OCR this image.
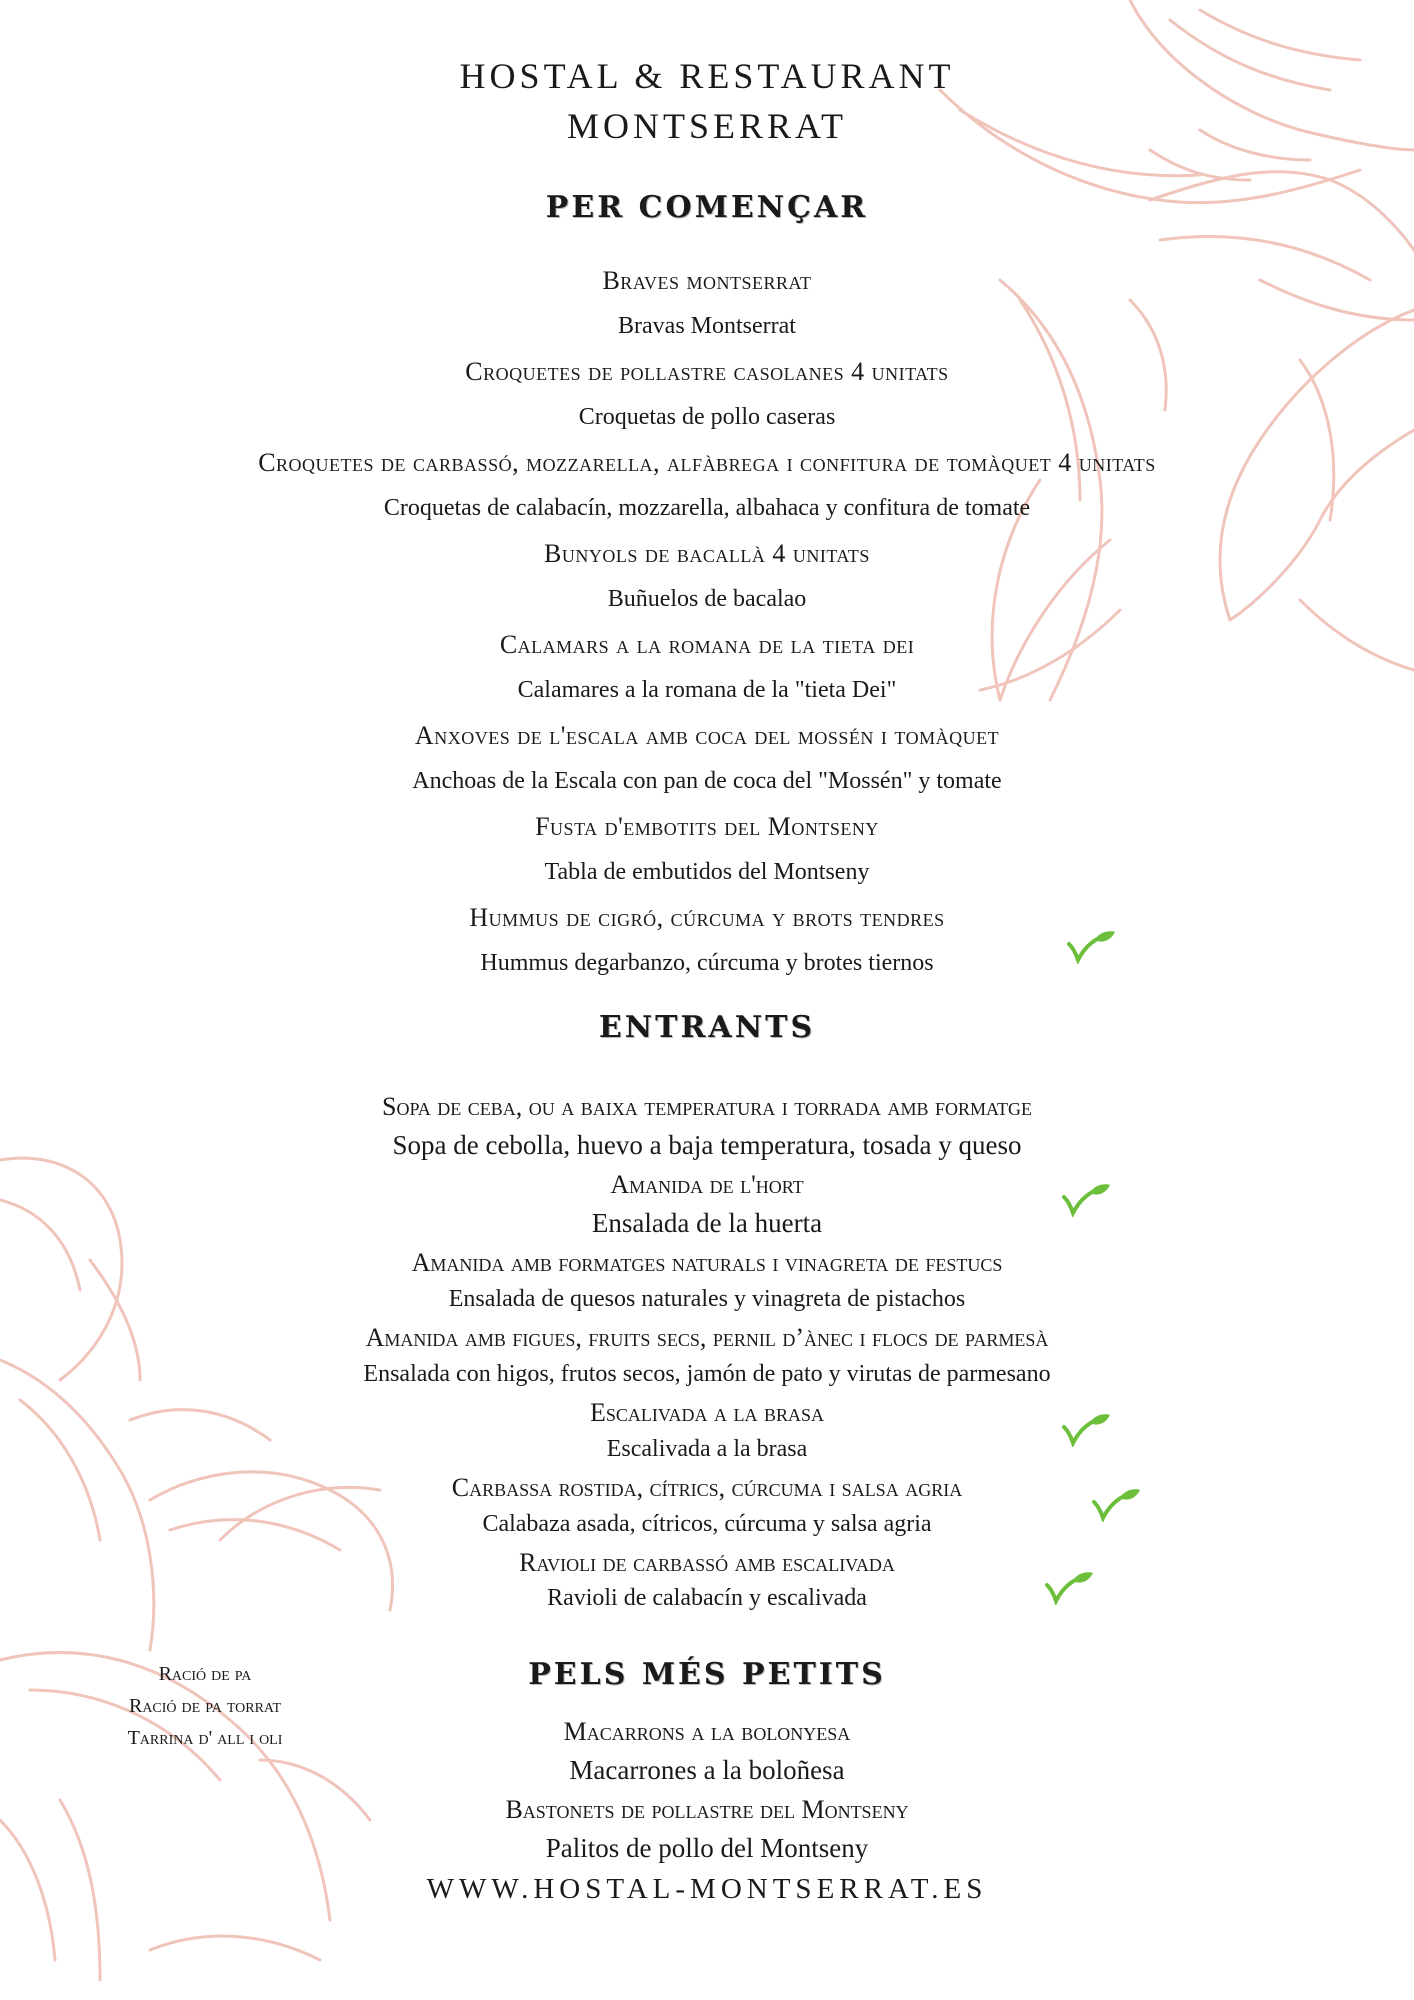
HOSTAL & RESTAURANT
MONTSERRAT
PER COMENÇAR
Braves montserrat
Bravas Montserrat
Croquetes de pollastre casolanes 4 unitats
Croquetas de pollo caseras
Croquetes de carbassó, mozzarella, alfàbrega i confitura de tomàquet 4 unitats
Croquetas de calabacín, mozzarella, albahaca y confitura de tomate
Bunyols de bacallà 4 unitats
Buñuelos de bacalao
Calamars a la romana de la tieta dei
Calamares a la romana de la "tieta Dei"
Anxoves de l'escala amb coca del mossén i tomàquet
Anchoas de la Escala con pan de coca del "Mossén" y tomate
Fusta d'embotits del Montseny
Tabla de embutidos del Montseny
Hummus de cigró, cúrcuma y brots tendres
Hummus degarbanzo, cúrcuma y brotes tiernos
ENTRANTS
Sopa de ceba, ou a baixa temperatura i torrada amb formatge
Sopa de cebolla, huevo a baja temperatura, tosada y queso
Amanida de l'hort
Ensalada de la huerta
Amanida amb formatges naturals i vinagreta de festucs
Ensalada de quesos naturales y vinagreta de pistachos
Amanida amb figues, fruits secs, pernil d’ànec i flocs de parmesà
Ensalada con higos, frutos secos, jamón de pato y virutas de parmesano
Escalivada a la brasa
Escalivada a la brasa
Carbassa rostida, cítrics, cúrcuma i salsa agria
Calabaza asada, cítricos, cúrcuma y salsa agria
Ravioli de carbassó amb escalivada
Ravioli de calabacín y escalivada
PELS MÉS PETITS
Macarrons a la bolonyesa
Macarrones a la boloñesa
Bastonets de pollastre del Montseny
Palitos de pollo del Montseny
Ració de pa
Ració de pa torrat
Tarrina d' all i oli
WWW.HOSTAL-MONTSERRAT.ES
